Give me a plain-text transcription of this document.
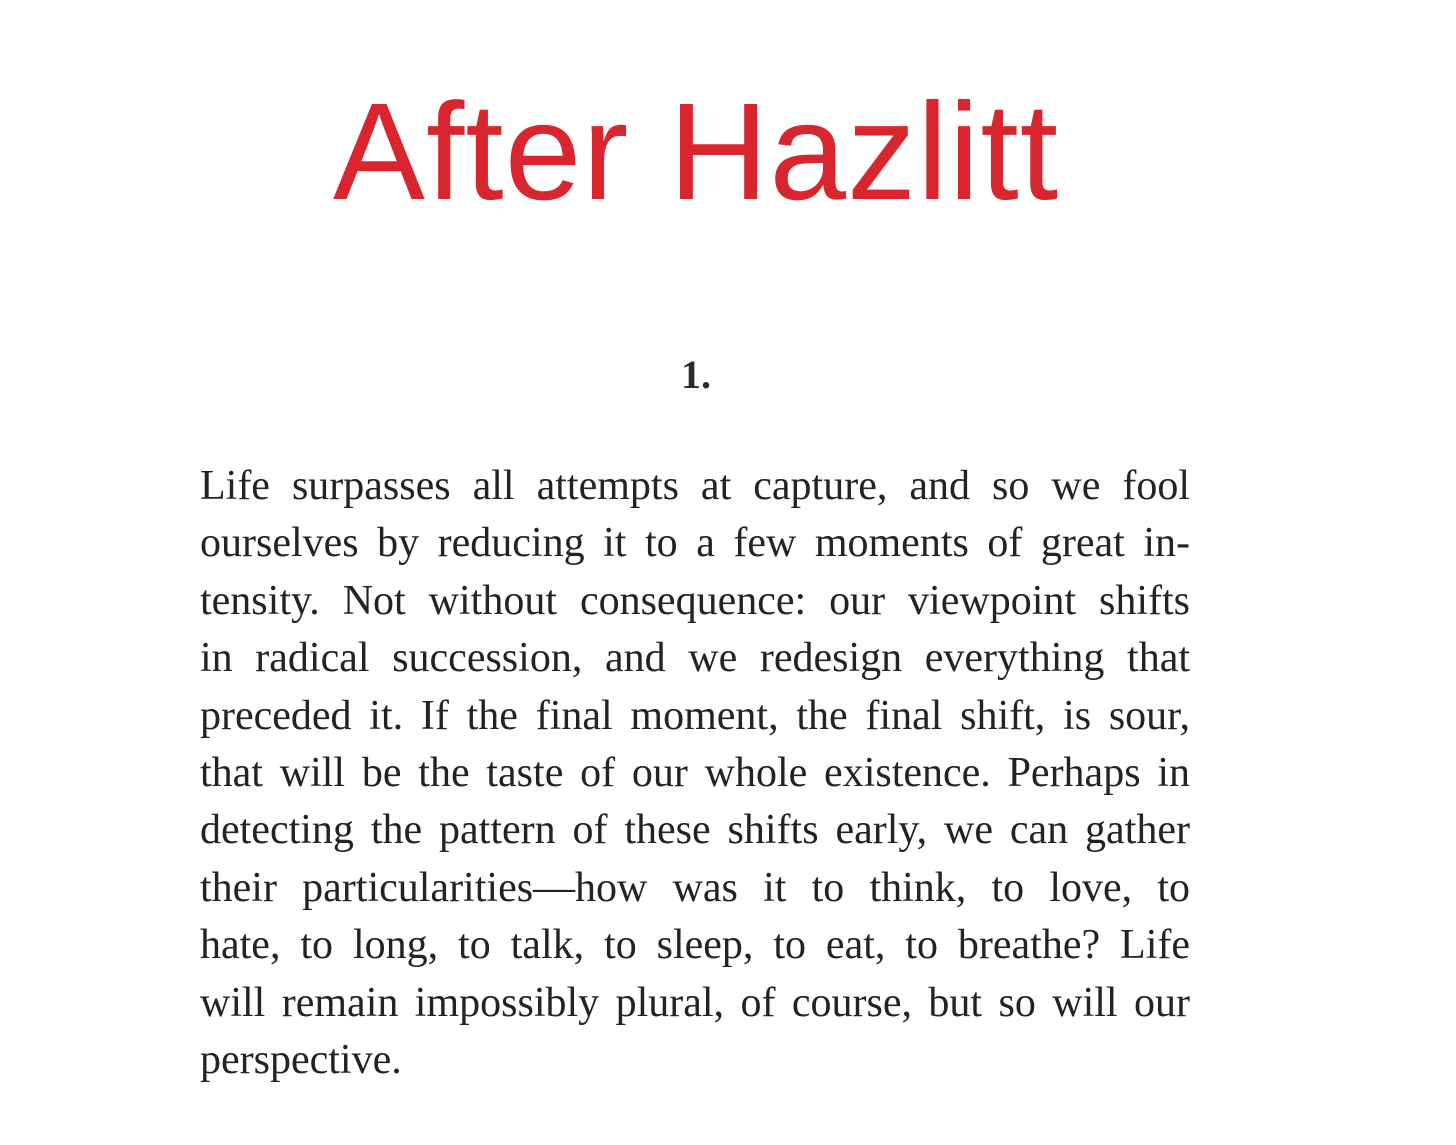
After Hazlitt
1.
Life surpasses all attempts at capture, and so we fool
ourselves by reducing it to a few moments of great in-
tensity. Not without consequence: our viewpoint shifts
in radical succession, and we redesign everything that
preceded it. If the final moment, the final shift, is sour,
that will be the taste of our whole existence. Perhaps in
detecting the pattern of these shifts early, we can gather
their particularities—how was it to think, to love, to
hate, to long, to talk, to sleep, to eat, to breathe? Life
will remain impossibly plural, of course, but so will our
perspective.
